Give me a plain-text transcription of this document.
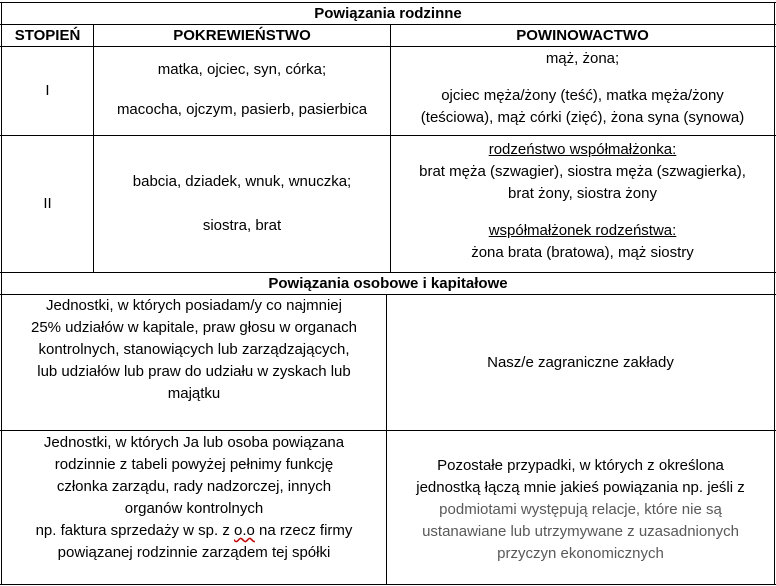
Powiązania rodzinne
STOPIEŃ	POKREWIEŃSTWO	POWINOWACTWO
I
matka, ojciec, syn, córka;
macocha, ojczym, pasierb, pasierbica
mąż, żona;
ojciec męża/żony (teść), matka męża/żony
(teściowa), mąż córki (zięć), żona syna (synowa)
II
babcia, dziadek, wnuk, wnuczka;
siostra, brat
rodzeństwo współmałżonka:
brat męża (szwagier), siostra męża (szwagierka),
brat żony, siostra żony
współmałżonek rodzeństwa:
żona brata (bratowa), mąż siostry
Powiązania osobowe i kapitałowe
Jednostki, w których posiadam/y co najmniej
25% udziałów w kapitale, praw głosu w organach
kontrolnych, stanowiących lub zarządzających,
lub udziałów lub praw do udziału w zyskach lub
majątku
Nasz/e zagraniczne zakłady
Jednostki, w których Ja lub osoba powiązana
rodzinnie z tabeli powyżej pełnimy funkcję
członka zarządu, rady nadzorczej, innych
organów kontrolnych
np. faktura sprzedaży w sp. z o.o na rzecz firmy
powiązanej rodzinnie zarządem tej spółki
Pozostałe przypadki, w których z określona
jednostką łączą mnie jakieś powiązania np. jeśli z
podmiotami występują relacje, które nie są
ustanawiane lub utrzymywane z uzasadnionych
przyczyn ekonomicznych
